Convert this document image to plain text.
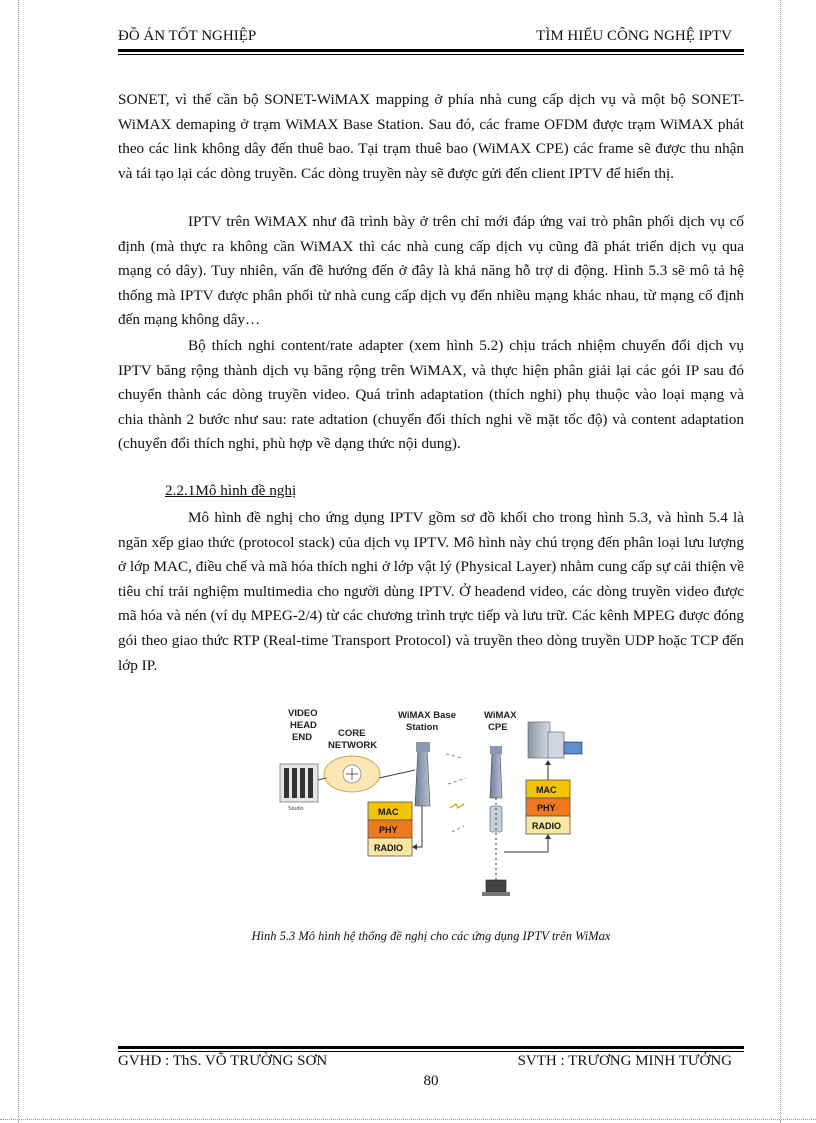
ĐỒ ÁN TỐT NGHIỆP	TÌM HIỂU CÔNG NGHỆ IPTV

SONET, vì thế cần bộ SONET-WiMAX mapping ở phía nhà cung cấp dịch vụ và một bộ SONET-WiMAX demaping ở trạm WiMAX Base Station. Sau đó, các frame OFDM được trạm WiMAX phát theo các link không dây đến thuê bao. Tại trạm thuê bao (WiMAX CPE) các frame sẽ được thu nhận và tái tạo lại các dòng truyền. Các dòng truyền này sẽ được gửi đến client IPTV để hiển thị.

IPTV trên WiMAX như đã trình bày ở trên chỉ mới đáp ứng vai trò phân phối dịch vụ cố định (mà thực ra không cần WiMAX thì các nhà cung cấp dịch vụ cũng đã phát triển dịch vụ qua mạng có dây). Tuy nhiên, vấn đề hướng đến ở đây là khả năng hỗ trợ di động. Hình 5.3 sẽ mô tả hệ thống mà IPTV được phân phối từ nhà cung cấp dịch vụ đến nhiều mạng khác nhau, từ mạng cố định đến mạng không dây…

Bộ thích nghi content/rate adapter (xem hình 5.2) chịu trách nhiệm chuyển đổi dịch vụ IPTV băng rộng thành dịch vụ băng rộng trên WiMAX, và thực hiện phân giải lại các gói IP sau đó chuyển thành các dòng truyền video. Quá trình adaptation (thích nghi) phụ thuộc vào loại mạng và chia thành 2 bước như sau: rate adtation (chuyển đổi thích nghi về mặt tốc độ) và content adaptation (chuyển đổi thích nghi, phù hợp về dạng thức nội dung).

2.2.1Mô hình đề nghị

Mô hình đề nghị cho ứng dụng IPTV gồm sơ đồ khối cho trong hình 5.3, và hình 5.4 là ngăn xếp giao thức (protocol stack) của dịch vụ IPTV. Mô hình này chú trọng đến phân loại lưu lượng ở lớp MAC, điều chế và mã hóa thích nghi ở lớp vật lý (Physical Layer) nhằm cung cấp sự cải thiện về tiêu chí trải nghiệm multimedia cho người dùng IPTV. Ở headend video, các dòng truyền video được mã hóa và nén (ví dụ MPEG-2/4) từ các chương trình trực tiếp và lưu trữ. Các kênh MPEG được đóng gói theo giao thức RTP (Real-time Transport Protocol) và truyền theo dòng truyền UDP hoặc TCP đến lớp IP.

VIDEO
HEAD
END	CORE
NETWORK
WiMAX Base
Station
WiMAX
CPE
Studio	MAC
PHY
RADIO
MAC
PHY
RADIO
Hình 5.3 Mô hình hệ thống đề nghị cho các ứng dụng IPTV trên WiMax
GVHD : ThS. VÕ TRƯỜNG SƠN	SVTH : TRƯƠNG MINH TƯỞNG
80
